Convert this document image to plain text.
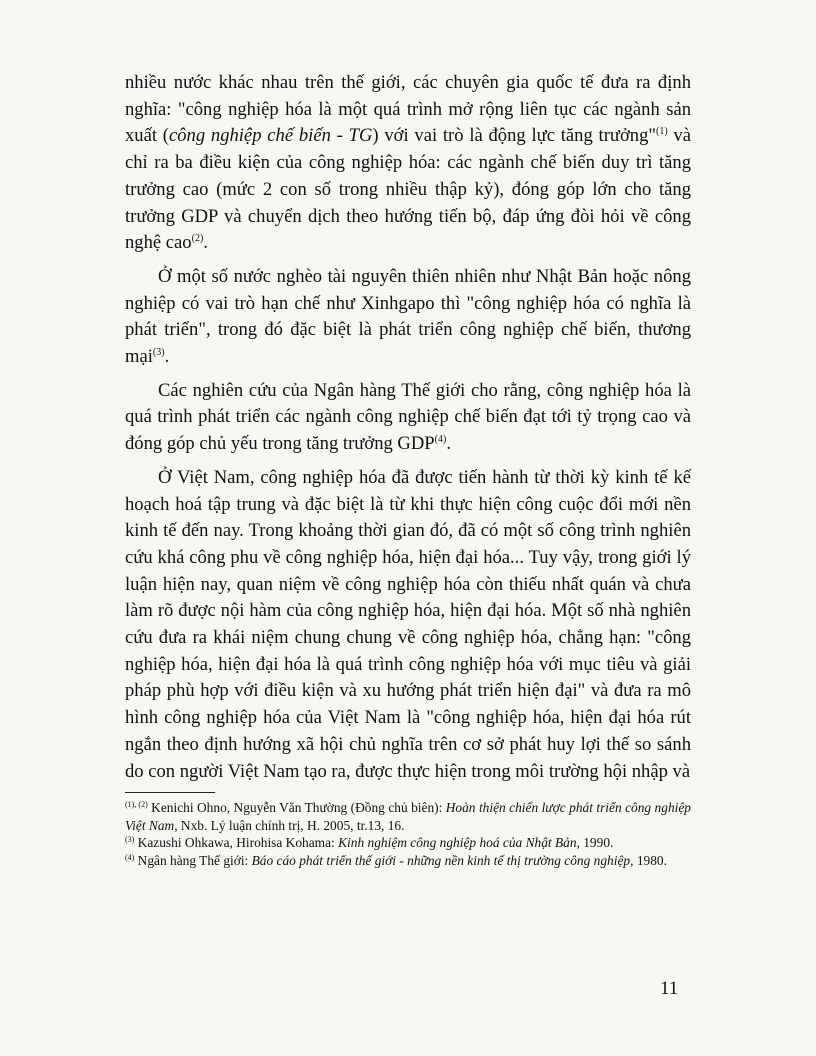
nhiều nước khác nhau trên thế giới, các chuyên gia quốc tế đưa ra định nghĩa: "công nghiệp hóa là một quá trình mở rộng liên tục các ngành sản xuất (công nghiệp chế biến - TG) với vai trò là động lực tăng trưởng"$^{(1)}$ và chỉ ra ba điều kiện của công nghiệp hóa: các ngành chế biến duy trì tăng trưởng cao (mức 2 con số trong nhiều thập kỷ), đóng góp lớn cho tăng trưởng GDP và chuyển dịch theo hướng tiến bộ, đáp ứng đòi hỏi về công nghệ cao$^{(2)}$.

Ở một số nước nghèo tài nguyên thiên nhiên như Nhật Bản hoặc nông nghiệp có vai trò hạn chế như Xinhgapo thì "công nghiệp hóa có nghĩa là phát triển", trong đó đặc biệt là phát triển công nghiệp chế biến, thương mại$^{(3)}$.

Các nghiên cứu của Ngân hàng Thế giới cho rằng, công nghiệp hóa là quá trình phát triển các ngành công nghiệp chế biến đạt tới tỷ trọng cao và đóng góp chủ yếu trong tăng trưởng GDP$^{(4)}$.

Ở Việt Nam, công nghiệp hóa đã được tiến hành từ thời kỳ kinh tế kế hoạch hoá tập trung và đặc biệt là từ khi thực hiện công cuộc đổi mới nền kinh tế đến nay. Trong khoảng thời gian đó, đã có một số công trình nghiên cứu khá công phu về công nghiệp hóa, hiện đại hóa... Tuy vậy, trong giới lý luận hiện nay, quan niệm về công nghiệp hóa còn thiếu nhất quán và chưa làm rõ được nội hàm của công nghiệp hóa, hiện đại hóa. Một số nhà nghiên cứu đưa ra khái niệm chung chung về công nghiệp hóa, chẳng hạn: "công nghiệp hóa, hiện đại hóa là quá trình công nghiệp hóa với mục tiêu và giải pháp phù hợp với điều kiện và xu hướng phát triển hiện đại" và đưa ra mô hình công nghiệp hóa của Việt Nam là "công nghiệp hóa, hiện đại hóa rút ngắn theo định hướng xã hội chủ nghĩa trên cơ sở phát huy lợi thế so sánh do con người Việt Nam tạo ra, được thực hiện trong môi trường hội nhập và

$^{(1), (2)}$ Kenichi Ohno, Nguyễn Văn Thường (Đồng chủ biên): Hoàn thiện chiến lược phát triển công nghiệp Việt Nam, Nxb. Lý luận chính trị, H. 2005, tr.13, 16.

$^{(3)}$ Kazushi Ohkawa, Hirohisa Kohama: Kinh nghiệm công nghiệp hoá của Nhật Bản, 1990.

$^{(4)}$ Ngân hàng Thế giới: Báo cáo phát triển thế giới - những nền kinh tế thị trường công nghiệp, 1980.

11
